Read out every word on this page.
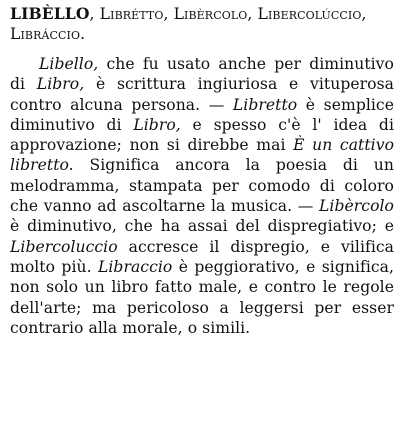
LIBÈLLO, Librétto, Libèrcolo, Libercolúccio, Libráccio.

Libello, che fu usato anche per diminutivo di Libro, è scrittura ingiuriosa e vituperosa contro alcuna persona. — Libretto è semplice diminutivo di Libro, e spesso c'è l' idea di approvazione; non si direbbe mai È un cattivo libretto. Significa ancora la poesia di un melodramma, stampata per comodo di coloro che vanno ad ascoltarne la musica. — Libèrcolo è diminutivo, che ha assai del dispregiativo; e Libercoluccio accresce il dispregio, e vilifica molto più. Libraccio è peggiorativo, e significa, non solo un libro fatto male, e contro le regole dell'arte; ma pericoloso a leggersi per esser contrario alla morale, o simili.
